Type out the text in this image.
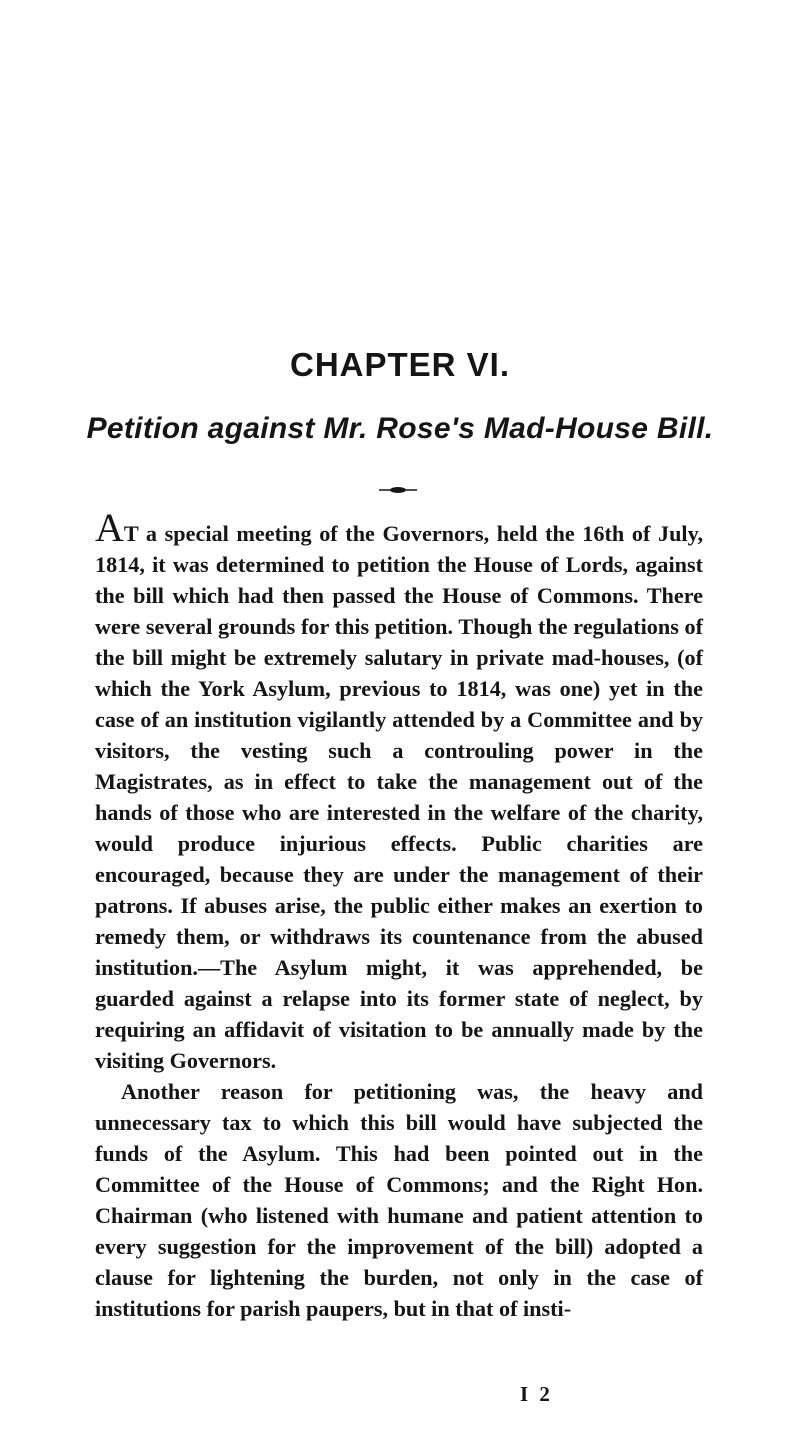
CHAPTER VI.
Petition against Mr. Rose's Mad-House Bill.

AT a special meeting of the Governors, held the 16th of July, 1814, it was determined to petition the House of Lords, against the bill which had then passed the House of Commons. There were several grounds for this petition. Though the regulations of the bill might be extremely salutary in private mad-houses, (of which the York Asylum, previous to 1814, was one) yet in the case of an institution vigilantly attended by a Committee and by visitors, the vesting such a controuling power in the Magistrates, as in effect to take the management out of the hands of those who are interested in the welfare of the charity, would produce injurious effects. Public charities are encouraged, because they are under the management of their patrons. If abuses arise, the public either makes an exertion to remedy them, or withdraws its countenance from the abused institution.—The Asylum might, it was apprehended, be guarded against a relapse into its former state of neglect, by requiring an affidavit of visitation to be annually made by the visiting Governors.

Another reason for petitioning was, the heavy and unnecessary tax to which this bill would have subjected the funds of the Asylum. This had been pointed out in the Committee of the House of Commons; and the Right Hon. Chairman (who listened with humane and patient attention to every suggestion for the improvement of the bill) adopted a clause for lightening the burden, not only in the case of institutions for parish paupers, but in that of insti-

I 2
